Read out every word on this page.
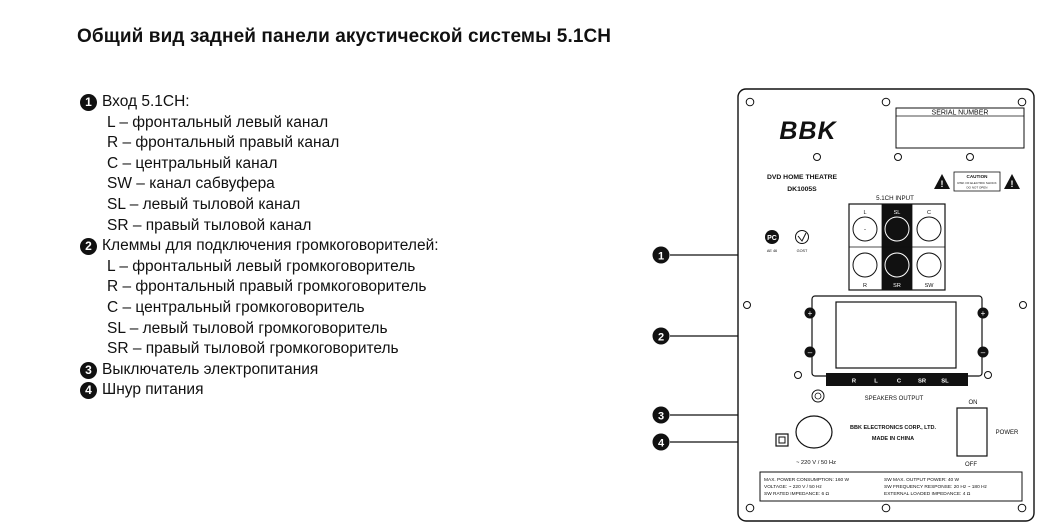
Общий вид задней панели акустической системы 5.1CH
1 Вход 5.1CH:
L – фронтальный левый канал
R – фронтальный правый канал
C – центральный канал
SW – канал сабвуфера
SL – левый тыловой канал
SR – правый тыловой канал
2 Клеммы для подключения громкоговорителей:
L – фронтальный левый громкоговоритель
R – фронтальный правый громкоговоритель
C – центральный громкоговоритель
SL – левый тыловой громкоговоритель
SR – правый тыловой громкоговоритель
3 Выключатель электропитания
4 Шнур питания
1
2
3
4
BBK
SERIAL NUMBER
DVD HOME THEATRE
DK1005S
!
CAUTION
RISK OF ELECTRIC SHOCK
DO NOT OPEN	!
5.1CH INPUT
-
L	SL	C
R	SR	SW
PC
AE 46	GOST
+
–
+
–
R	L	C	SR	SL
SPEAKERS OUTPUT
ON
OFF
POWER
BBK ELECTRONICS CORP., LTD.
MADE IN CHINA
~ 220 V / 50 Hz
MAX. POWER CONSUMPTION: 160 W
VOLTAGE: ~ 220 V / 50 Hz
SW RATED IMPEDANCE: 6 Ω
SW MAX. OUTPUT POWER: 40 W
SW FREQUENCY RESPONSE: 20 Hz ~ 180 Hz
EXTERNAL LOADED IMPEDANCE: 4 Ω
